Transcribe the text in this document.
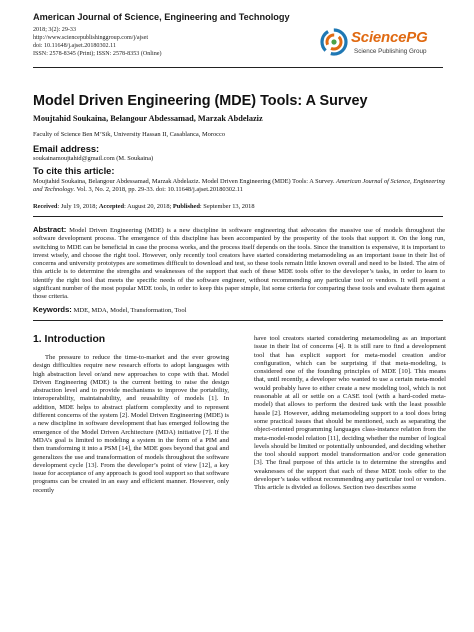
American Journal of Science, Engineering and Technology
2018; 3(2): 29-33
http://www.sciencepublishinggroup.com/j/ajset
doi: 10.11648/j.ajset.20180302.11
ISSN: 2578-8345 (Print); ISSN: 2578-8353 (Online)
SciencePG
Science Publishing Group
Model Driven Engineering (MDE) Tools: A Survey
Moujtahid Soukaina, Belangour Abdessamad, Marzak Abdelaziz
Faculty of Science Ben M’Sik, University Hassan II, Casablanca, Morocco
Email address:
soukainamoujtahid@gmail.com (M. Soukaina)
To cite this article:
Moujtahid Soukaina, Belangour Abdessamad, Marzak Abdelaziz. Model Driven Engineering (MDE) Tools: A Survey. American Journal of Science, Engineering and Technology. Vol. 3, No. 2, 2018, pp. 29-33. doi: 10.11648/j.ajset.20180302.11
Received: July 19, 2018; Accepted: August 20, 2018; Published: September 13, 2018
Abstract: Model Driven Engineering (MDE) is a new discipline in software engineering that advocates the massive use of models throughout the software development process. The emergence of this discipline has been accompanied by the prosperity of the tools that support it. On the long run, switching to MDE can be beneficial in case the process works, and the process itself depends on the tools. Since the transition is expensive, it is important to invest wisely, and choose the right tool. However, only recently tool creators have started considering metamodeling as an important issue in their list of concerns and university prototypes are sometimes difficult to download and test, so these tools remain little known overall and need to be listed. The aim of this article is to determine the strengths and weaknesses of the support that each of these MDE tools offer to the developer’s tasks, in order to learn to identify the right tool that meets the specific needs of the software engineer, without recommending any particular tool or vendors. It will present a significant number of the most popular MDE tools, in order to keep this paper simple, list some criteria for comparing these tools and evaluate them against those criteria.
Keywords: MDE, MDA, Model, Transformation, Tool
1. Introduction

The pressure to reduce the time-to-market and the ever growing design difficulties require new research efforts to adopt languages with high abstraction level or/and new approaches to cope with that. Model Driven Engineering (MDE) is the current betting to raise the design abstraction level and to provide mechanisms to improve the portability, interoperability, maintainability, and reusability of models [1]. In addition, MDE helps to abstract platform complexity and to represent different concerns of the system [2]. Model Driven Engineering (MDE) is a new discipline in software development that has emerged following the emergence of the Model Driven Architecture (MDA) initiative [7]. If the MDA’s goal is limited to modeling a system in the form of a PIM and then transforming it into a PSM [14], the MDE goes beyond that goal and generalizes the use and transformation of models throughout the software development cycle [13]. From the developer’s point of view [12], a key issue for acceptance of any approach is good tool support so that software programs can be created in an easy and efficient manner. However, only recently

have tool creators started considering metamodeling as an important issue in their list of concerns [4]. It is still rare to find a development tool that has explicit support for meta-model creation and/or configuration, which can be surprising if that meta-modeling, is considered one of the founding principles of MDE [10]. This means that, until recently, a developer who wanted to use a certain meta-model would probably have to either create a new modeling tool, which is not reasonable at all or settle on a CASE tool (with a hard-coded meta-model) that allows to perform the desired task with the least possible hassle [2]. However, adding metamodeling support to a tool does bring some practical issues that should be mentioned, such as separating the object-oriented programming languages class-instance relation from the meta-model-model relation [11], deciding whether the number of logical levels should be limited or potentially unbounded, and deciding whether the tool should support model transformation and/or code generation [3]. The final purpose of this article is to determine the strengths and weaknesses of the support that each of these MDE tools offer to the developer’s tasks without recommending any particular tool or vendors. This article is divided as follows. Section two describes some
